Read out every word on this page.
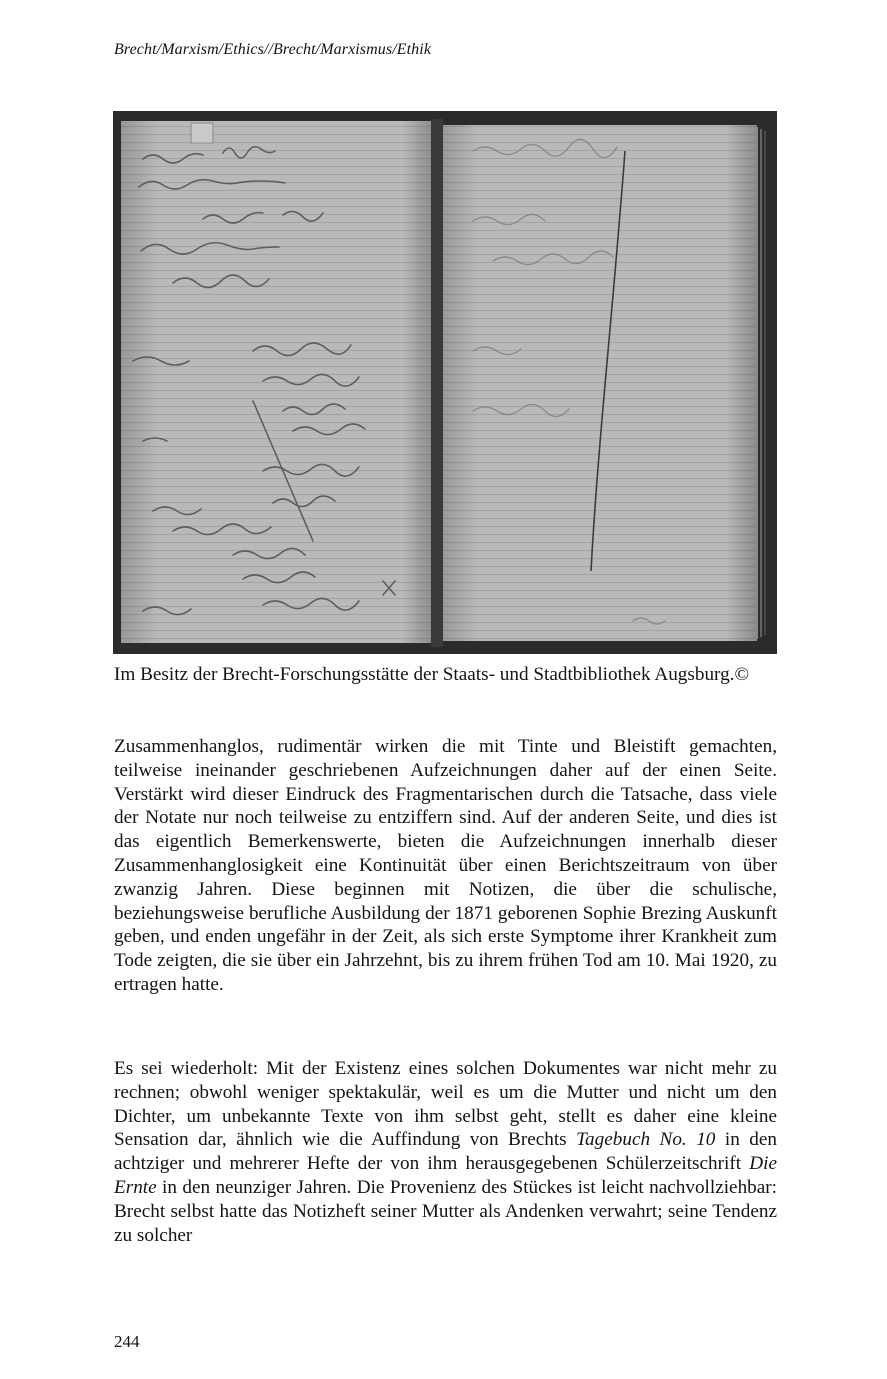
Brecht/Marxism/Ethics//Brecht/Marxismus/Ethik
Im Besitz der Brecht-Forschungsstätte der Staats- und Stadtbibliothek Augsburg.©

Zusammenhanglos, rudimentär wirken die mit Tinte und Bleistift gemachten, teilweise ineinander geschriebenen Aufzeichnungen daher auf der einen Seite. Verstärkt wird dieser Eindruck des Fragmentarischen durch die Tatsache, dass viele der Notate nur noch teilweise zu entziffern sind. Auf der anderen Seite, und dies ist das eigentlich Bemerkenswerte, bieten die Aufzeichnungen innerhalb dieser Zusammenhanglosigkeit eine Kontinuität über einen Berichtszeitraum von über zwanzig Jahren. Diese beginnen mit Notizen, die über die schulische, beziehungsweise berufliche Ausbildung der 1871 geborenen Sophie Brezing Auskunft geben, und enden ungefähr in der Zeit, als sich erste Symptome ihrer Krankheit zum Tode zeigten, die sie über ein Jahrzehnt, bis zu ihrem frühen Tod am 10. Mai 1920, zu ertragen hatte.

Es sei wiederholt: Mit der Existenz eines solchen Dokumentes war nicht mehr zu rechnen; obwohl weniger spektakulär, weil es um die Mutter und nicht um den Dichter, um unbekannte Texte von ihm selbst geht, stellt es daher eine kleine Sensation dar, ähnlich wie die Auffindung von Brechts Tagebuch No. 10 in den achtziger und mehrerer Hefte der von ihm herausgegebenen Schülerzeitschrift Die Ernte in den neunziger Jahren. Die Provenienz des Stückes ist leicht nachvollziehbar: Brecht selbst hatte das Notizheft seiner Mutter als Andenken verwahrt; seine Tendenz zu solcher

244
